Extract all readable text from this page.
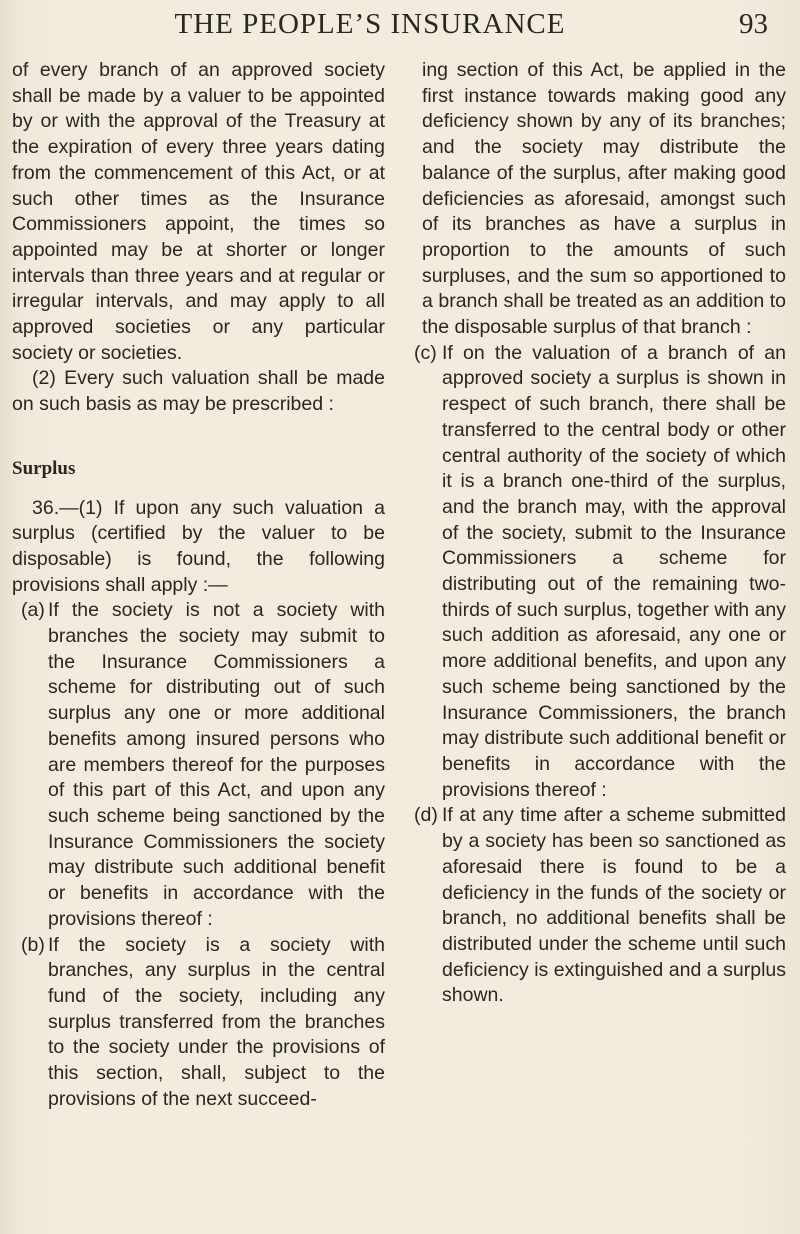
THE PEOPLE’S INSURANCE	93

of every branch of an approved society shall be made by a valuer to be appointed by or with the approval of the Treasury at the expiration of every three years dating from the commencement of this Act, or at such other times as the Insurance Commissioners appoint, the times so appointed may be at shorter or longer intervals than three years and at regular or irregular intervals, and may apply to all approved societies or any particular society or societies.

(2) Every such valuation shall be made on such basis as may be prescribed :

Surplus

36.—(1) If upon any such valuation a surplus (certified by the valuer to be disposable) is found, the following provisions shall apply :—

(a) If the society is not a society with branches the society may submit to the Insurance Commissioners a scheme for distributing out of such surplus any one or more additional benefits among insured persons who are members thereof for the purposes of this part of this Act, and upon any such scheme being sanctioned by the Insurance Commissioners the society may distribute such additional benefit or benefits in accordance with the provisions thereof :
(b) If the society is a society with branches, any surplus in the central fund of the society, including any surplus transferred from the branches to the society under the provisions of this section, shall, subject to the provisions of the next succeed-

ing section of this Act, be applied in the first instance towards making good any deficiency shown by any of its branches; and the society may distribute the balance of the surplus, after making good deficiencies as aforesaid, amongst such of its branches as have a surplus in proportion to the amounts of such surpluses, and the sum so apportioned to a branch shall be treated as an addition to the disposable surplus of that branch :

(c) If on the valuation of a branch of an approved society a surplus is shown in respect of such branch, there shall be transferred to the central body or other central authority of the society of which it is a branch one-third of the surplus, and the branch may, with the approval of the society, submit to the Insurance Commissioners a scheme for distributing out of the remaining two-thirds of such surplus, together with any such addition as aforesaid, any one or more additional benefits, and upon any such scheme being sanctioned by the Insurance Commissioners, the branch may distribute such additional benefit or benefits in accordance with the provisions thereof :
(d) If at any time after a scheme submitted by a society has been so sanctioned as aforesaid there is found to be a deficiency in the funds of the society or branch, no additional benefits shall be distributed under the scheme until such deficiency is extinguished and a surplus shown.
